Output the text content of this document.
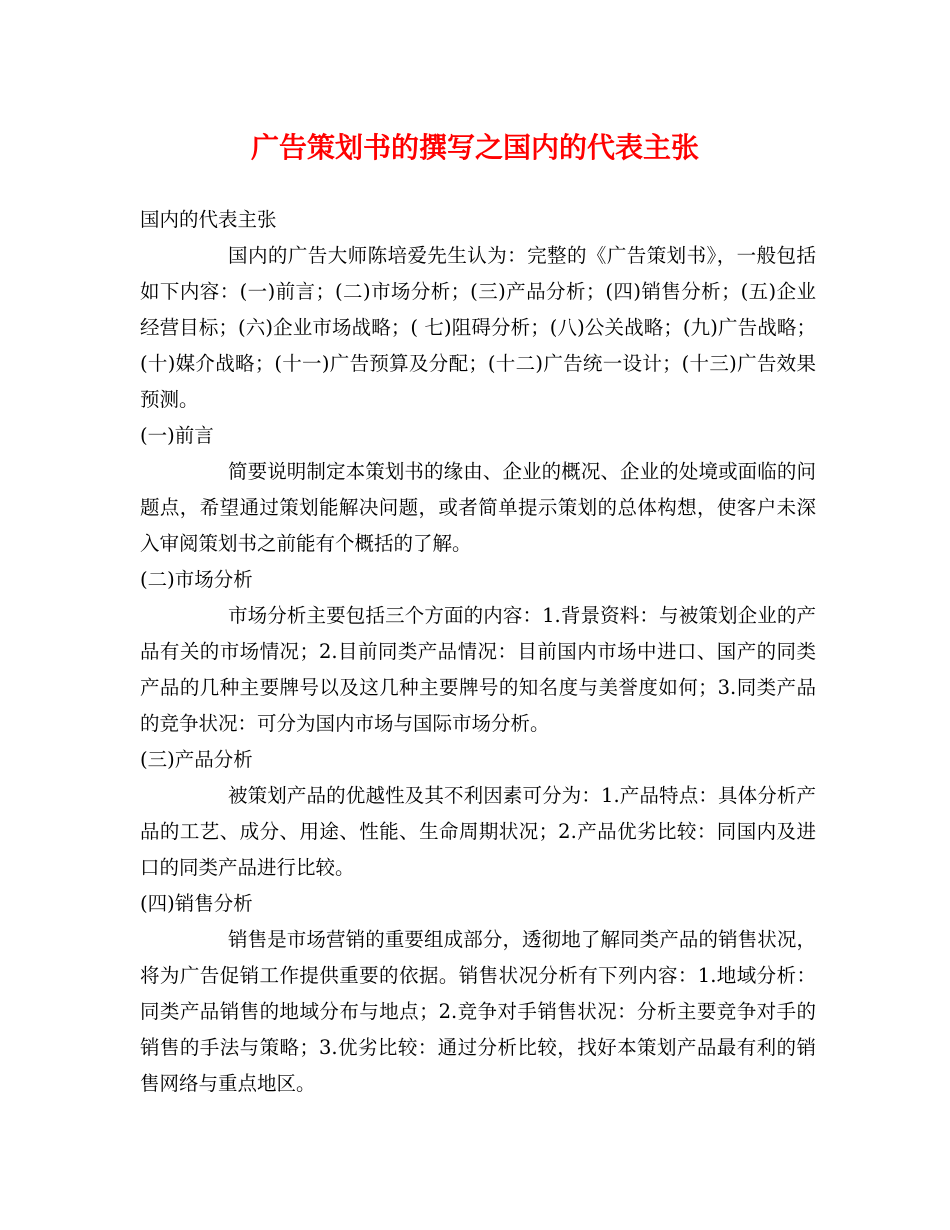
广告策划书的撰写之国内的代表主张

国内的代表主张

国内的广告大师陈培爱先生认为：完整的《广告策划书》，一般包括如下内容：(一)前言；(二)市场分析；(三)产品分析；(四)销售分析；(五)企业经营目标；(六)企业市场战略；( 七)阻碍分析；(八)公关战略；(九)广告战略；(十)媒介战略；(十一)广告预算及分配；(十二)广告统一设计；(十三)广告效果预测。

(一)前言

简要说明制定本策划书的缘由、企业的概况、企业的处境或面临的问题点，希望通过策划能解决问题，或者简单提示策划的总体构想，使客户未深入审阅策划书之前能有个概括的了解。

(二)市场分析

市场分析主要包括三个方面的内容：1.背景资料：与被策划企业的产品有关的市场情况；2.目前同类产品情况：目前国内市场中进口、国产的同类产品的几种主要牌号以及这几种主要牌号的知名度与美誉度如何；3.同类产品的竞争状况：可分为国内市场与国际市场分析。

(三)产品分析

被策划产品的优越性及其不利因素可分为：1.产品特点：具体分析产　品的工艺、成分、用途、性能、生命周期状况；2.产品优劣比较：同国内及进口的同类产品进行比较。

(四)销售分析

销售是市场营销的重要组成部分，透彻地了解同类产品的销售状况，将为广告促销工作提供重要的依据。销售状况分析有下列内容：1.地域分析：同类产品销售的地域分布与地点；2.竞争对手销售状况：分析主要竞争对手的销售的手法与策略；3.优劣比较：通过分析比较，找好本策划产品最有利的销售网络与重点地区。
